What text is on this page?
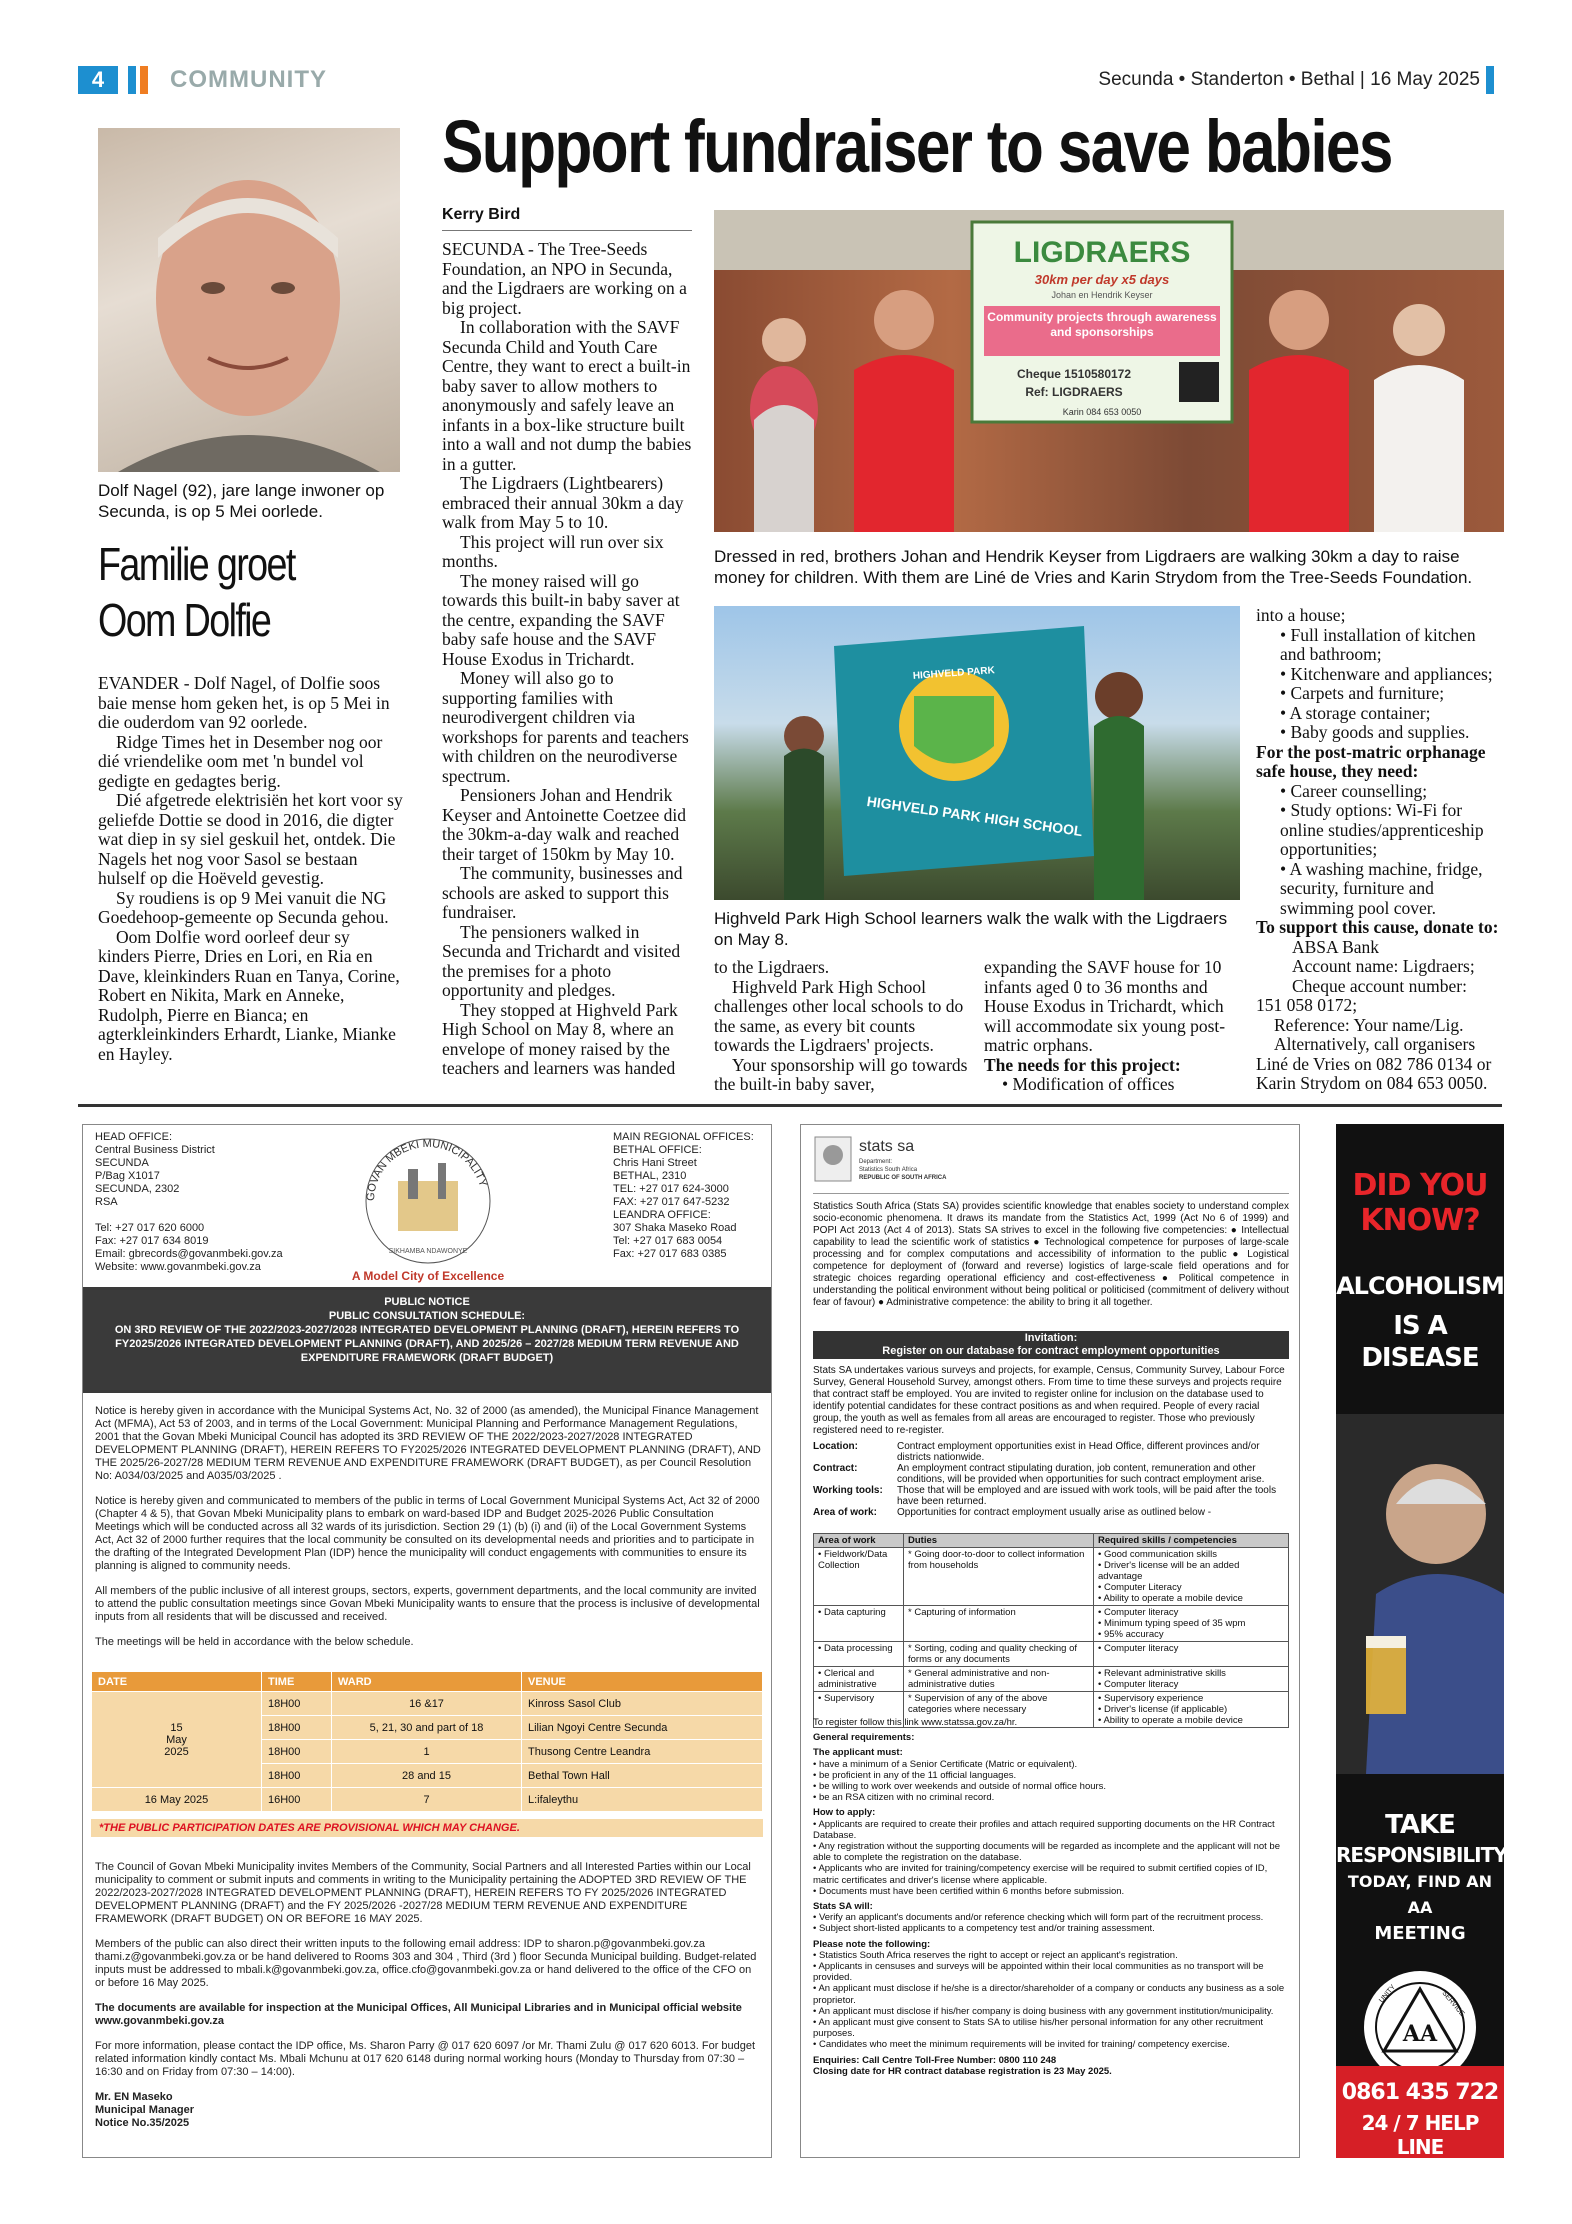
4	COMMUNITY	Secunda • Standerton • Bethal | 16 May 2025
Dolf Nagel (92), jare lange inwoner op Secunda, is op 5 Mei oorlede.
Familie groet Oom Dolfie

EVANDER - Dolf Nagel, of Dolfie soos baie mense hom geken het, is op 5 Mei in die ouderdom van 92 oorlede.

Ridge Times het in Desember nog oor dié vriendelike oom met 'n bundel vol gedigte en gedagtes berig.

Dié afgetrede elektrisiën het kort voor sy geliefde Dottie se dood in 2016, die digter wat diep in sy siel geskuil het, ontdek. Die Nagels het nog voor Sasol se bestaan hulself op die Hoëveld gevestig.

Sy roudiens is op 9 Mei vanuit die NG Goedehoop-gemeente op Secunda gehou.

Oom Dolfie word oorleef deur sy kinders Pierre, Dries en Lori, en Ria en Dave, kleinkinders Ruan en Tanya, Corine, Robert en Nikita, Mark en Anneke, Rudolph, Pierre en Bianca; en agterkleinkinders Erhardt, Lianke, Mianke en Hayley.

Support fundraiser to save babies
Kerry Bird

SECUNDA - The Tree-Seeds Foundation, an NPO in Secunda, and the Ligdraers are working on a big project.

In collaboration with the SAVF Secunda Child and Youth Care Centre, they want to erect a built-in baby saver to allow mothers to anonymously and safely leave an infants in a box-like structure built into a wall and not dump the babies in a gutter.

The Ligdraers (Lightbearers) embraced their annual 30km a day walk from May 5 to 10.

This project will run over six months.

The money raised will go towards this built-in baby saver at the centre, expanding the SAVF baby safe house and the SAVF House Exodus in Trichardt.

Money will also go to supporting families with neurodivergent children via workshops for parents and teachers with children on the neurodiverse spectrum.

Pensioners Johan and Hendrik Keyser and Antoinette Coetzee did the 30km-a-day walk and reached their target of 150km by May 10.

The community, businesses and schools are asked to support this fundraiser.

The pensioners walked in Secunda and Trichardt and visited the premises for a photo opportunity and pledges.

They stopped at Highveld Park High School on May 8, where an envelope of money raised by the teachers and learners was handed

LIGDRAERS
30km per day x5 days
Johan en Hendrik Keyser
Community projects through awareness and sponsorships
Cheque 1510580172
Ref: LIGDRAERS
Karin 084 653 0050
Dressed in red, brothers Johan and Hendrik Keyser from Ligdraers are walking 30km a day to raise money for children. With them are Liné de Vries and Karin Strydom from the Tree-Seeds Foundation.
HIGHVELD PARK
HIGHVELD PARK HIGH SCHOOL
Highveld Park High School learners walk the walk with the Ligdraers on May 8.

to the Ligdraers.

Highveld Park High School challenges other local schools to do the same, as every bit counts towards the Ligdraers' projects.

Your sponsorship will go towards the built-in baby saver,

expanding the SAVF house for 10 infants aged 0 to 36 months and House Exodus in Trichardt, which will accommodate six young post-matric orphans.

The needs for this project:

• Modification of offices

into a house;

• Full installation of kitchen and bathroom;

• Kitchenware and appliances;

• Carpets and furniture;

• A storage container;

• Baby goods and supplies.

For the post-matric orphanage safe house, they need:

• Career counselling;

• Study options: Wi-Fi for online studies/apprenticeship opportunities;

• A washing machine, fridge, security, furniture and swimming pool cover.

To support this cause, donate to:

ABSA Bank

Account name: Ligdraers;

Cheque account number:

151 058 0172;

Reference: Your name/Lig.

Alternatively, call organisers Liné de Vries on 082 786 0134 or Karin Strydom on 084 653 0050.

HEAD OFFICE:
Central Business District
SECUNDA
P/Bag X1017
SECUNDA, 2302
RSA
Tel: +27 017 620 6000
Fax: +27 017 634 8019
Email: gbrecords@govanmbeki.gov.za
Website: www.govanmbeki.gov.za
GOVAN MBEKI MUNICIPALITY
SIKHAMBA NDAWONYE
A Model City of Excellence
MAIN REGIONAL OFFICES:
BETHAL OFFICE:
Chris Hani Street
BETHAL, 2310
TEL: +27 017 624-3000
FAX: +27 017 647-5232
LEANDRA OFFICE:
307 Shaka Maseko Road
Tel: +27 017 683 0054
Fax: +27 017 683 0385
PUBLIC NOTICE
PUBLIC CONSULTATION SCHEDULE:
ON 3RD REVIEW OF THE 2022/2023-2027/2028 INTEGRATED DEVELOPMENT PLANNING (DRAFT), HEREIN REFERS TO FY2025/2026 INTEGRATED DEVELOPMENT PLANNING (DRAFT), AND 2025/26 – 2027/28 MEDIUM TERM REVENUE AND EXPENDITURE FRAMEWORK (DRAFT BUDGET)

Notice is hereby given in accordance with the Municipal Systems Act, No. 32 of 2000 (as amended), the Municipal Finance Management Act (MFMA), Act 53 of 2003, and in terms of the Local Government: Municipal Planning and Performance Management Regulations, 2001 that the Govan Mbeki Municipal Council has adopted its 3RD REVIEW OF THE 2022/2023-2027/2028 INTEGRATED DEVELOPMENT PLANNING (DRAFT), HEREIN REFERS TO FY2025/2026 INTEGRATED DEVELOPMENT PLANNING (DRAFT), AND THE 2025/26-2027/28 MEDIUM TERM REVENUE AND EXPENDITURE FRAMEWORK (DRAFT BUDGET), as per Council Resolution No: A034/03/2025 and A035/03/2025 .

Notice is hereby given and communicated to members of the public in terms of Local Government Municipal Systems Act, Act 32 of 2000 (Chapter 4 & 5), that Govan Mbeki Municipality plans to embark on ward-based IDP and Budget 2025-2026 Public Consultation Meetings which will be conducted across all 32 wards of its jurisdiction. Section 29 (1) (b) (i) and (ii) of the Local Government Systems Act, Act 32 of 2000 further requires that the local community be consulted on its developmental needs and priorities and to participate in the drafting of the Integrated Development Plan (IDP) hence the municipality will conduct engagements with communities to ensure its planning is aligned to community needs.

All members of the public inclusive of all interest groups, sectors, experts, government departments, and the local community are invited to attend the public consultation meetings since Govan Mbeki Municipality wants to ensure that the process is inclusive of developmental inputs from all residents that will be discussed and received.

The meetings will be held in accordance with the below schedule.

DATE	TIME	WARD	VENUE
15
May
2025	18H00	16 &17	Kinross Sasol Club
	18H00	5, 21, 30 and part of 18	Lilian Ngoyi Centre Secunda
	18H00	1	Thusong Centre Leandra
	18H00	28 and 15	Bethal Town Hall
16 May 2025	16H00	7	L:ifaleythu
*THE PUBLIC PARTICIPATION DATES ARE PROVISIONAL WHICH MAY CHANGE.

The Council of Govan Mbeki Municipality invites Members of the Community, Social Partners and all Interested Parties within our Local municipality to comment or submit inputs and comments in writing to the Municipality pertaining the ADOPTED 3RD REVIEW OF THE 2022/2023-2027/2028 INTEGRATED DEVELOPMENT PLANNING (DRAFT), HEREIN REFERS TO FY 2025/2026 INTEGRATED DEVELOPMENT PLANNING (DRAFT) and the FY 2025/2026 -2027/28 MEDIUM TERM REVENUE AND EXPENDITURE FRAMEWORK (DRAFT BUDGET) ON OR BEFORE 16 MAY 2025.

Members of the public can also direct their written inputs to the following email address: IDP to sharon.p@govanmbeki.gov.za thami.z@govanmbeki.gov.za or be hand delivered to Rooms 303 and 304 , Third (3rd ) floor Secunda Municipal building. Budget-related inputs must be addressed to mbali.k@govanmbeki.gov.za, office.cfo@govanmbeki.gov.za or hand delivered to the office of the CFO on or before 16 May 2025.

The documents are available for inspection at the Municipal Offices, All Municipal Libraries and in Municipal official website www.govanmbeki.gov.za

For more information, please contact the IDP office, Ms. Sharon Parry @ 017 620 6097 /or Mr. Thami Zulu @ 017 620 6013. For budget related information kindly contact Ms. Mbali Mchunu at 017 620 6148 during normal working hours (Monday to Thursday from 07:30 – 16:30 and on Friday from 07:30 – 14:00).

Mr. EN Maseko
Municipal Manager
Notice No.35/2025
stats sa
Department:
Statistics South Africa
REPUBLIC OF SOUTH AFRICA
Statistics South Africa (Stats SA) provides scientific knowledge that enables society to understand complex socio-economic phenomena. It draws its mandate from the Statistics Act, 1999 (Act No 6 of 1999) and POPI Act 2013 (Act 4 of 2013). Stats SA strives to excel in the following five competencies: ● Intellectual capability to lead the scientific work of statistics ● Technological competence for purposes of large-scale processing and for complex computations and accessibility of information to the public ● Logistical competence for deployment of (forward and reverse) logistics of large-scale field operations and for strategic choices regarding operational efficiency and cost-effectiveness ● Political competence in understanding the political environment without being political or politicised (commitment of delivery without fear of favour) ● Administrative competence: the ability to bring it all together.
Invitation:
Register on our database for contract employment opportunities

Stats SA undertakes various surveys and projects, for example, Census, Community Survey, Labour Force Survey, General Household Survey, amongst others. From time to time these surveys and projects require that contract staff be employed. You are invited to register online for inclusion on the database used to identify potential candidates for these contract positions as and when required. People of every racial group, the youth as well as females from all areas are encouraged to register. Those who previously registered need to re-register.

Location:	Contract employment opportunities exist in Head Office, different provinces and/or districts nationwide.
Contract:	An employment contract stipulating duration, job content, remuneration and other conditions, will be provided when opportunities for such contract employment arise.
Working tools:	Those that will be employed and are issued with work tools, will be paid after the tools have been returned.
Area of work:	Opportunities for contract employment usually arise as outlined below -
Area of work	Duties	Required skills / competencies
• Fieldwork/Data Collection	* Going door-to-door to collect information from households	• Good communication skills
• Driver's license will be an added advantage
• Computer Literacy
• Ability to operate a mobile device
• Data capturing	* Capturing of information	• Computer literacy
• Minimum typing speed of 35 wpm
• 95% accuracy
• Data processing	* Sorting, coding and quality checking of forms or any documents	• Computer literacy
• Clerical and administrative	* General administrative and non-administrative duties	• Relevant administrative skills
• Computer literacy
• Supervisory	* Supervision of any of the above categories where necessary	• Supervisory experience
• Driver's license (if applicable)
• Ability to operate a mobile device
To register follow this link www.statssa.gov.za/hr.
General requirements:
The applicant must:
• have a minimum of a Senior Certificate (Matric or equivalent).
• be proficient in any of the 11 official languages.
• be willing to work over weekends and outside of normal office hours.
• be an RSA citizen with no criminal record.
How to apply:
• Applicants are required to create their profiles and attach required supporting documents on the HR Contract Database.
• Any registration without the supporting documents will be regarded as incomplete and the applicant will not be able to complete the registration on the database.
• Applicants who are invited for training/competency exercise will be required to submit certified copies of ID, matric certificates and driver's license where applicable.
• Documents must have been certified within 6 months before submission.
Stats SA will:
• Verify an applicant's documents and/or reference checking which will form part of the recruitment process.
• Subject short-listed applicants to a competency test and/or training assessment.
Please note the following:
• Statistics South Africa reserves the right to accept or reject an applicant's registration.
• Applicants in censuses and surveys will be appointed within their local communities as no transport will be provided.
• An applicant must disclose if he/she is a director/shareholder of a company or conducts any business as a sole proprietor.
• An applicant must disclose if his/her company is doing business with any government institution/municipality.
• An applicant must give consent to Stats SA to utilise his/her personal information for any other recruitment purposes.
• Candidates who meet the minimum requirements will be invited for training/ competency exercise.
Enquiries: Call Centre Toll-Free Number: 0800 110 248
Closing date for HR contract database registration is 23 May 2025.
DID YOU
KNOW?
ALCOHOLISM
IS A
DISEASE
TAKE
RESPONSIBILITY
TODAY, FIND AN AA
MEETING
AA
UNITY	SERVICE
0861 435 722
24 / 7 HELP LINE
